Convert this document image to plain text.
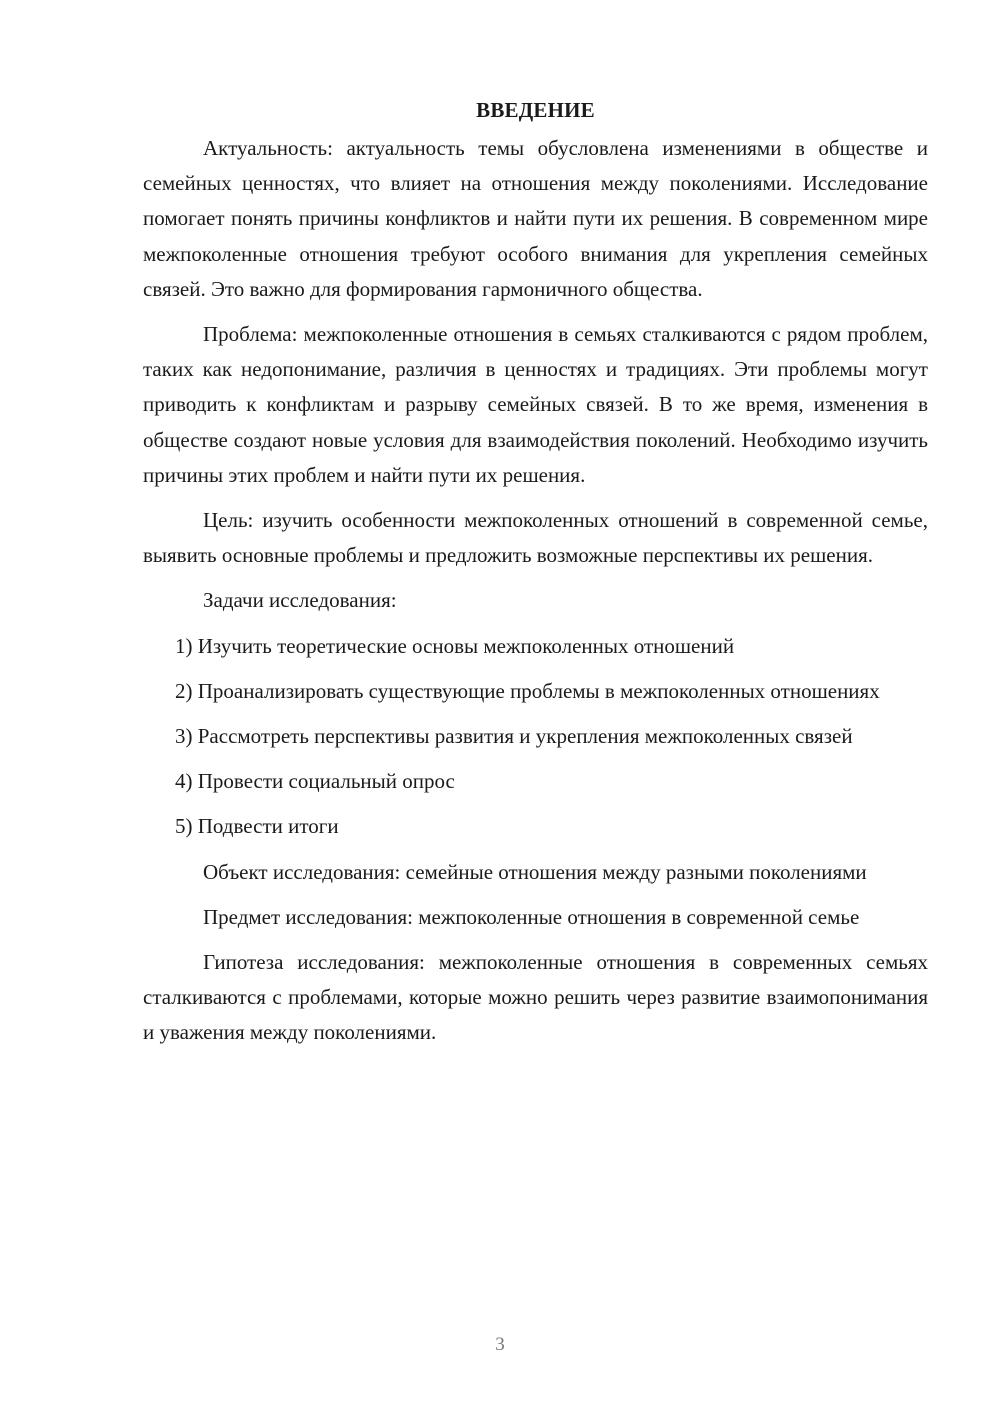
ВВЕДЕНИЕ

Актуальность: актуальность темы обусловлена изменениями в обществе и семейных ценностях, что влияет на отношения между поколениями. Исследование помогает понять причины конфликтов и найти пути их решения. В современном мире межпоколенные отношения требуют особого внимания для укрепления семейных связей. Это важно для формирования гармоничного общества.

Проблема: межпоколенные отношения в семьях сталкиваются с рядом проблем, таких как недопонимание, различия в ценностях и традициях. Эти проблемы могут приводить к конфликтам и разрыву семейных связей. В то же время, изменения в обществе создают новые условия для взаимодействия поколений. Необходимо изучить причины этих проблем и найти пути их решения.

Цель: изучить особенности межпоколенных отношений в современной семье, выявить основные проблемы и предложить возможные перспективы их решения.

Задачи исследования:

1) Изучить теоретические основы межпоколенных отношений

2) Проанализировать существующие проблемы в межпоколенных отношениях

3) Рассмотреть перспективы развития и укрепления межпоколенных связей

4) Провести социальный опрос

5) Подвести итоги

Объект исследования: семейные отношения между разными поколениями

Предмет исследования: межпоколенные отношения в современной семье

Гипотеза исследования: межпоколенные отношения в современных семьях сталкиваются с проблемами, которые можно решить через развитие взаимопонимания и уважения между поколениями.

3
